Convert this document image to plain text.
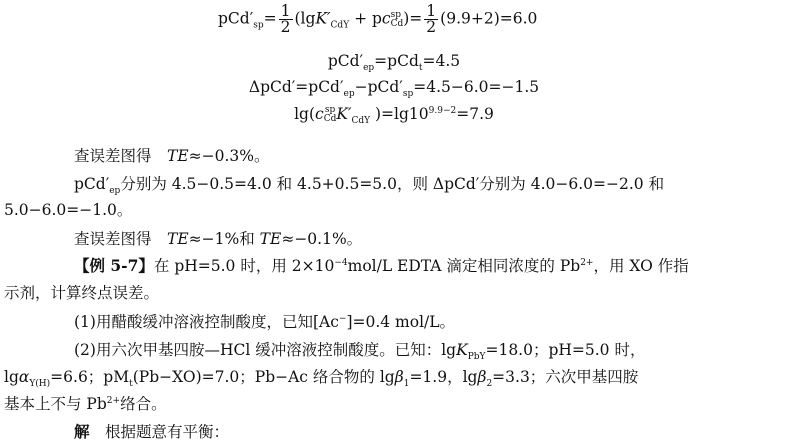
$pCd'_{sp}= \frac{1}{2} (\lg K'_{CdY}$ + pc sp
Cd )= $\frac{1}{2} (9.9+2)=6.0$
$pCd'_{ep}=pCd_t=4.5$
$\Delta pCd'=pCd'_{ep}-pCd'_{sp}=4.5-6.0=-1.5$
lg(c sp
Cd $K'_{CdY}$ )$=\lg 10^{9.9-2}=7.9$
查误差图得　TE≈−0.3%。
$pCd'_{ep}$分别为 4.5−0.5=4.0 和 4.5+0.5=5.0，则 ΔpCd′分别为 4.0−6.0=−2.0 和
5.0−6.0=−1.0。
查误差图得　TE≈−1%和 TE≈−0.1%。
【例 5-7】在 pH=5.0 时，用 $2\times 10^{-4}mol/L$ EDTA 滴定相同浓度的 $Pb^{2+}$，用 XO 作指
示剂，计算终点误差。
(1)用醋酸缓冲溶液控制酸度，已知[Ac−]=0.4 mol/L。
(2)用六次甲基四胺—HCl 缓冲溶液控制酸度。已知：lgK$_{PbY}$=18.0；pH=5.0 时，
lgα$_{Y(H)}$=6.6；$pM_t(Pb-XO)=7.0$；Pb−Ac 络合物的 lgβ$_1$=1.9，lgβ$_2$=3.3；六次甲基四胺
基本上不与 $Pb^{2+}$络合。
解　根据题意有平衡：
